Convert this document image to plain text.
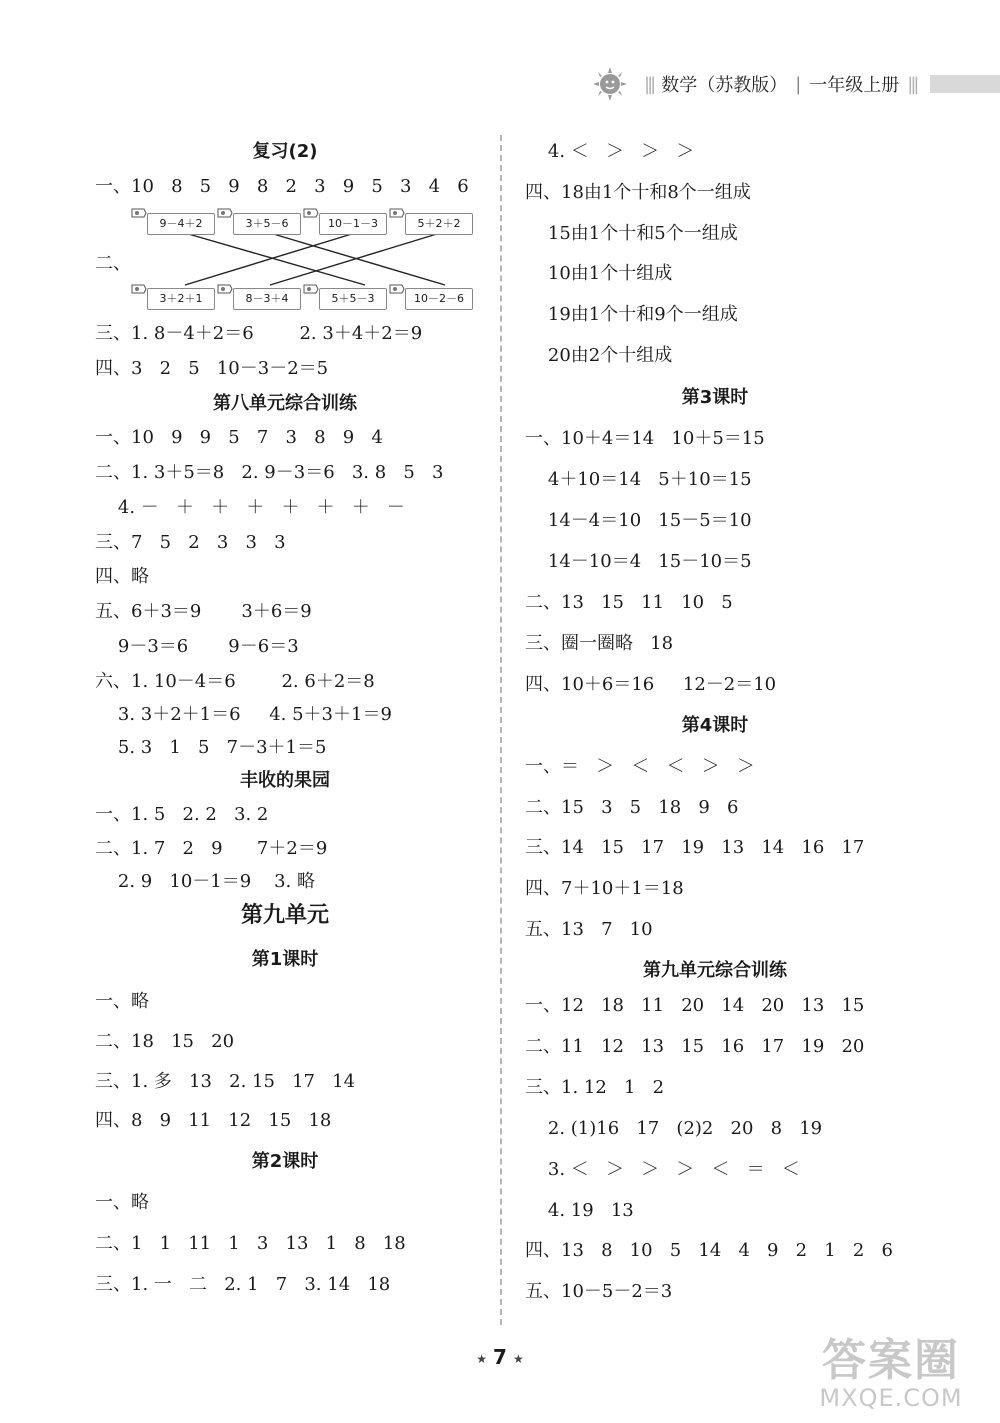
||| 数学（苏教版） | 一年级上册 |||
复习(2)
一、10   8   5   9   8   2   3   9   5   3   4   6
二、
9－4＋2	3＋5－6	10－1－3	5＋2＋2
3＋2＋1	8－3＋4	5＋5－3	10－2－6
三、1. 8－4＋2＝6        2. 3＋4＋2＝9
四、3   2   5   10－3－2＝5
第八单元综合训练
一、10   9   9   5   7   3   8   9   4
二、1. 3＋5＝8   2. 9－3＝6   3. 8   5   3
4. －   ＋   ＋   ＋   ＋   ＋   ＋   －
三、7   5   2   3   3   3
四、略
五、6＋3＝9       3＋6＝9
9－3＝6       9－6＝3
六、1. 10－4＝6        2. 6＋2＝8
3. 3＋2＋1＝6     4. 5＋3＋1＝9
5. 3   1   5   7－3＋1＝5
丰收的果园
一、1. 5   2. 2   3. 2
二、1. 7   2   9      7＋2＝9
2. 9   10－1＝9    3. 略
第九单元
第1课时
一、略
二、18   15   20
三、1. 多   13   2. 15   17   14
四、8   9   11   12   15   18
第2课时
一、略
二、1   1   11   1   3   13   1   8   18
三、1. 一   二   2. 1   7   3. 14   18
4. ＜   ＞   ＞   ＞
四、18由1个十和8个一组成
15由1个十和5个一组成
10由1个十组成
19由1个十和9个一组成
20由2个十组成
第3课时
一、10＋4＝14   10＋5＝15
4＋10＝14   5＋10＝15
14－4＝10   15－5＝10
14－10＝4   15－10＝5
二、13   15   11   10   5
三、圈一圈略   18
四、10＋6＝16     12－2＝10
第4课时
一、＝   ＞   ＜   ＜   ＞   ＞
二、15   3   5   18   9   6
三、14   15   17   19   13   14   16   17
四、7＋10＋1＝18
五、13   7   10
第九单元综合训练
一、12   18   11   20   14   20   13   15
二、11   12   13   15   16   17   19   20
三、1. 12   1   2
2. (1)16   17   (2)2   20   8   19
3. ＜   ＞   ＞   ＞   ＜   ＝   ＜
4. 19   13
四、13   8   10   5   14   4   9   2   1   2   6
五、10－5－2＝3
★ 7 ★	答案圈
MXQE.COM
